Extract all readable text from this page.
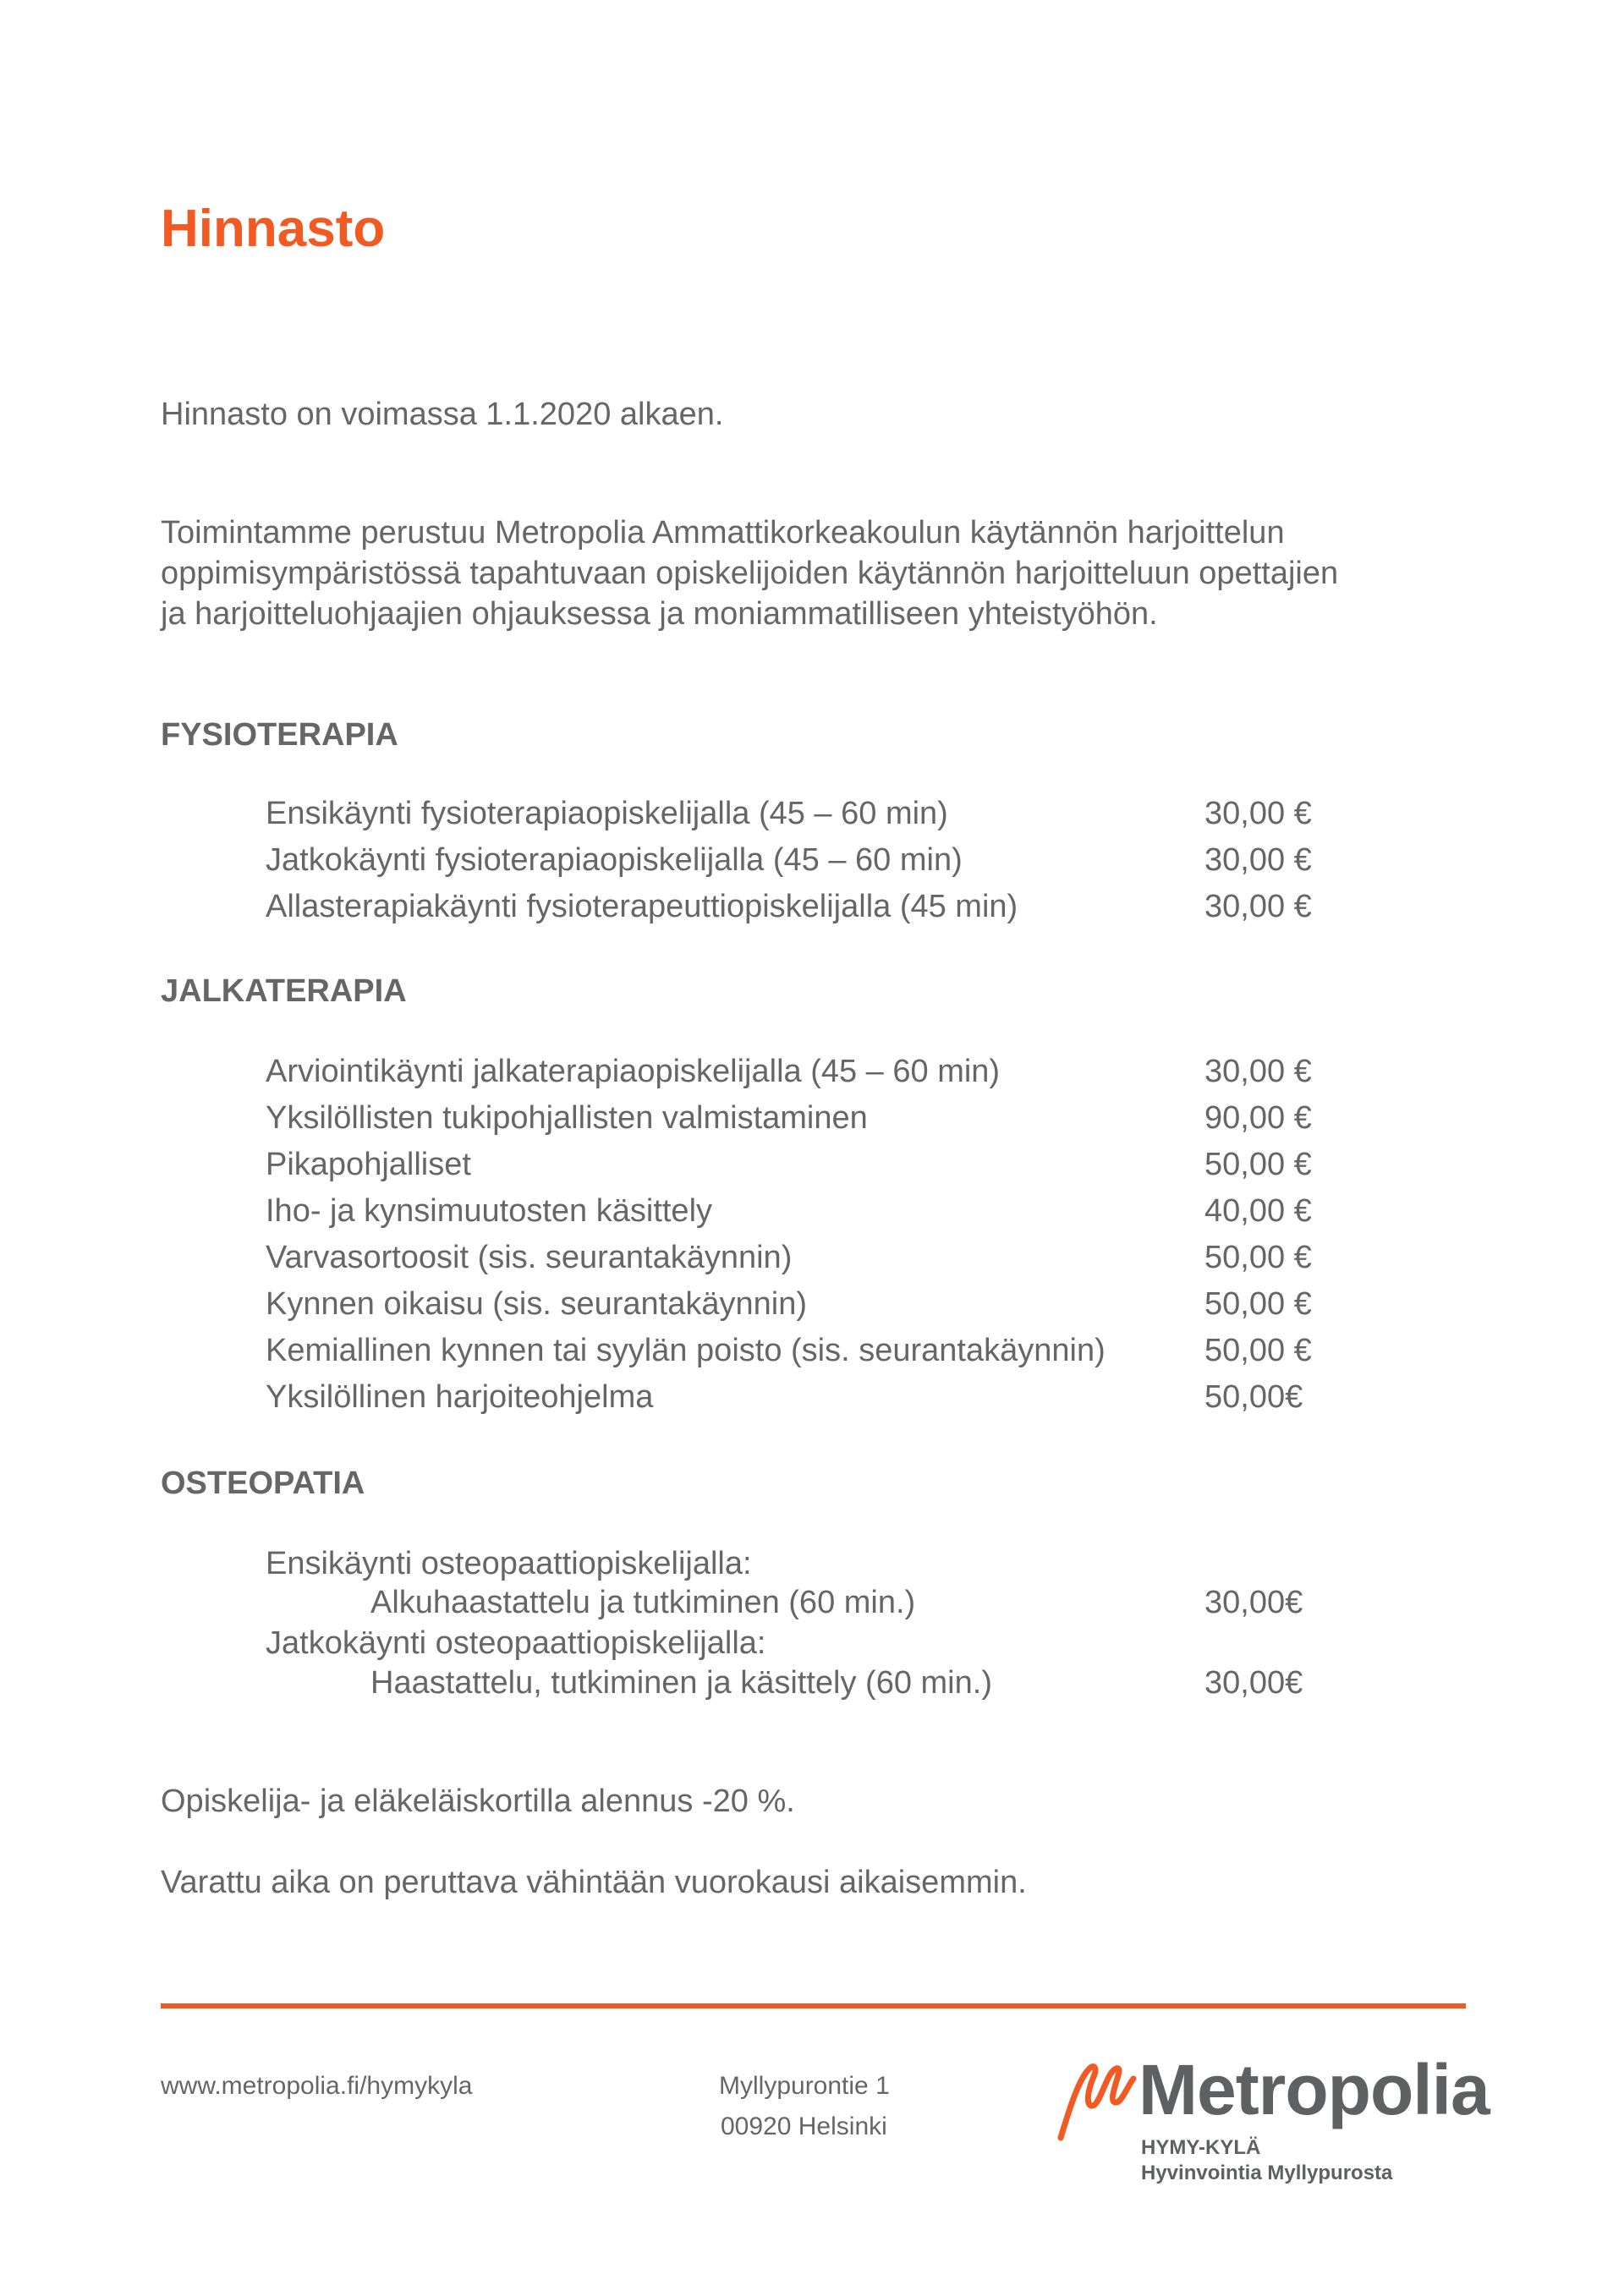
Hinnasto

Hinnasto on voimassa 1.1.2020 alkaen.

Toimintamme perustuu Metropolia Ammattikorkeakoulun käytännön harjoittelun
oppimisympäristössä tapahtuvaan opiskelijoiden käytännön harjoitteluun opettajien
ja harjoitteluohjaajien ohjauksessa ja moniammatilliseen yhteistyöhön.

FYSIOTERAPIA
Ensikäynti fysioterapiaopiskelijalla (45 – 60 min)	30,00 €
Jatkokäynti fysioterapiaopiskelijalla (45 – 60 min)	30,00 €
Allasterapiakäynti fysioterapeuttiopiskelijalla (45 min)	30,00 €
JALKATERAPIA
Arviointikäynti jalkaterapiaopiskelijalla (45 – 60 min)	30,00 €
Yksilöllisten tukipohjallisten valmistaminen	90,00 €
Pikapohjalliset	50,00 €
Iho- ja kynsimuutosten käsittely	40,00 €
Varvasortoosit (sis. seurantakäynnin)	50,00 €
Kynnen oikaisu (sis. seurantakäynnin)	50,00 €
Kemiallinen kynnen tai syylän poisto (sis. seurantakäynnin)	50,00 €
Yksilöllinen harjoiteohjelma	50,00€
OSTEOPATIA
Ensikäynti osteopaattiopiskelijalla:
Alkuhaastattelu ja tutkiminen (60 min.)	30,00€
Jatkokäynti osteopaattiopiskelijalla:
Haastattelu, tutkiminen ja käsittely (60 min.)	30,00€

Opiskelija- ja eläkeläiskortilla alennus -20 %.

Varattu aika on peruttava vähintään vuorokausi aikaisemmin.

www.metropolia.fi/hymykyla	Myllypurontie 1
00920 Helsinki	Metropolia
HYMY-KYLÄ
Hyvinvointia Myllypurosta
